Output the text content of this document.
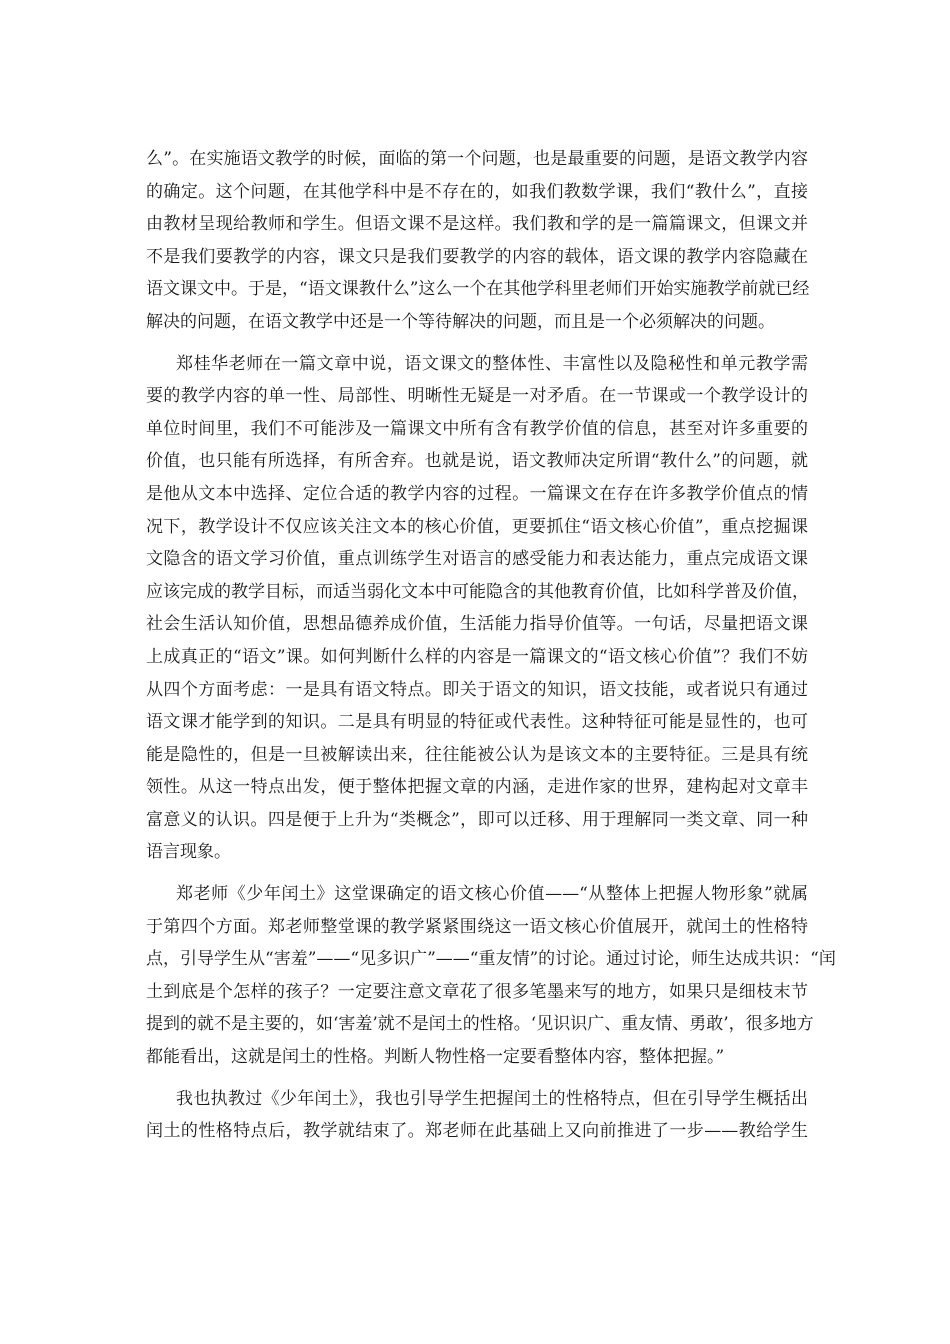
么”。在实施语文教学的时候，面临的第一个问题，也是最重要的问题，是语文教学内容
的确定。这个问题，在其他学科中是不存在的，如我们教数学课，我们“教什么”，直接
由教材呈现给教师和学生。但语文课不是这样。我们教和学的是一篇篇课文，但课文并
不是我们要教学的内容，课文只是我们要教学的内容的载体，语文课的教学内容隐藏在
语文课文中。于是，“语文课教什么”这么一个在其他学科里老师们开始实施教学前就已经
解决的问题，在语文教学中还是一个等待解决的问题，而且是一个必须解决的问题。
郑桂华老师在一篇文章中说，语文课文的整体性、丰富性以及隐秘性和单元教学需
要的教学内容的单一性、局部性、明晰性无疑是一对矛盾。在一节课或一个教学设计的
单位时间里，我们不可能涉及一篇课文中所有含有教学价值的信息，甚至对许多重要的
价值，也只能有所选择，有所舍弃。也就是说，语文教师决定所谓“教什么”的问题，就
是他从文本中选择、定位合适的教学内容的过程。一篇课文在存在许多教学价值点的情
况下，教学设计不仅应该关注文本的核心价值，更要抓住“语文核心价值”，重点挖掘课
文隐含的语文学习价值，重点训练学生对语言的感受能力和表达能力，重点完成语文课
应该完成的教学目标，而适当弱化文本中可能隐含的其他教育价值，比如科学普及价值，
社会生活认知价值，思想品德养成价值，生活能力指导价值等。一句话，尽量把语文课
上成真正的“语文”课。如何判断什么样的内容是一篇课文的“语文核心价值”？我们不妨
从四个方面考虑：一是具有语文特点。即关于语文的知识，语文技能，或者说只有通过
语文课才能学到的知识。二是具有明显的特征或代表性。这种特征可能是显性的，也可
能是隐性的，但是一旦被解读出来，往往能被公认为是该文本的主要特征。三是具有统
领性。从这一特点出发，便于整体把握文章的内涵，走进作家的世界，建构起对文章丰
富意义的认识。四是便于上升为“类概念”，即可以迁移、用于理解同一类文章、同一种
语言现象。
郑老师《少年闰土》这堂课确定的语文核心价值——“从整体上把握人物形象”就属
于第四个方面。郑老师整堂课的教学紧紧围绕这一语文核心价值展开，就闰土的性格特
点，引导学生从“害羞”——“见多识广”——“重友情”的讨论。通过讨论，师生达成共识：“闰
土到底是个怎样的孩子？一定要注意文章花了很多笔墨来写的地方，如果只是细枝末节
提到的就不是主要的，如‘害羞’就不是闰土的性格。‘见识识广、重友情、勇敢’，很多地方
都能看出，这就是闰土的性格。判断人物性格一定要看整体内容，整体把握。”
我也执教过《少年闰土》，我也引导学生把握闰土的性格特点，但在引导学生概括出
闰土的性格特点后，教学就结束了。郑老师在此基础上又向前推进了一步——教给学生
